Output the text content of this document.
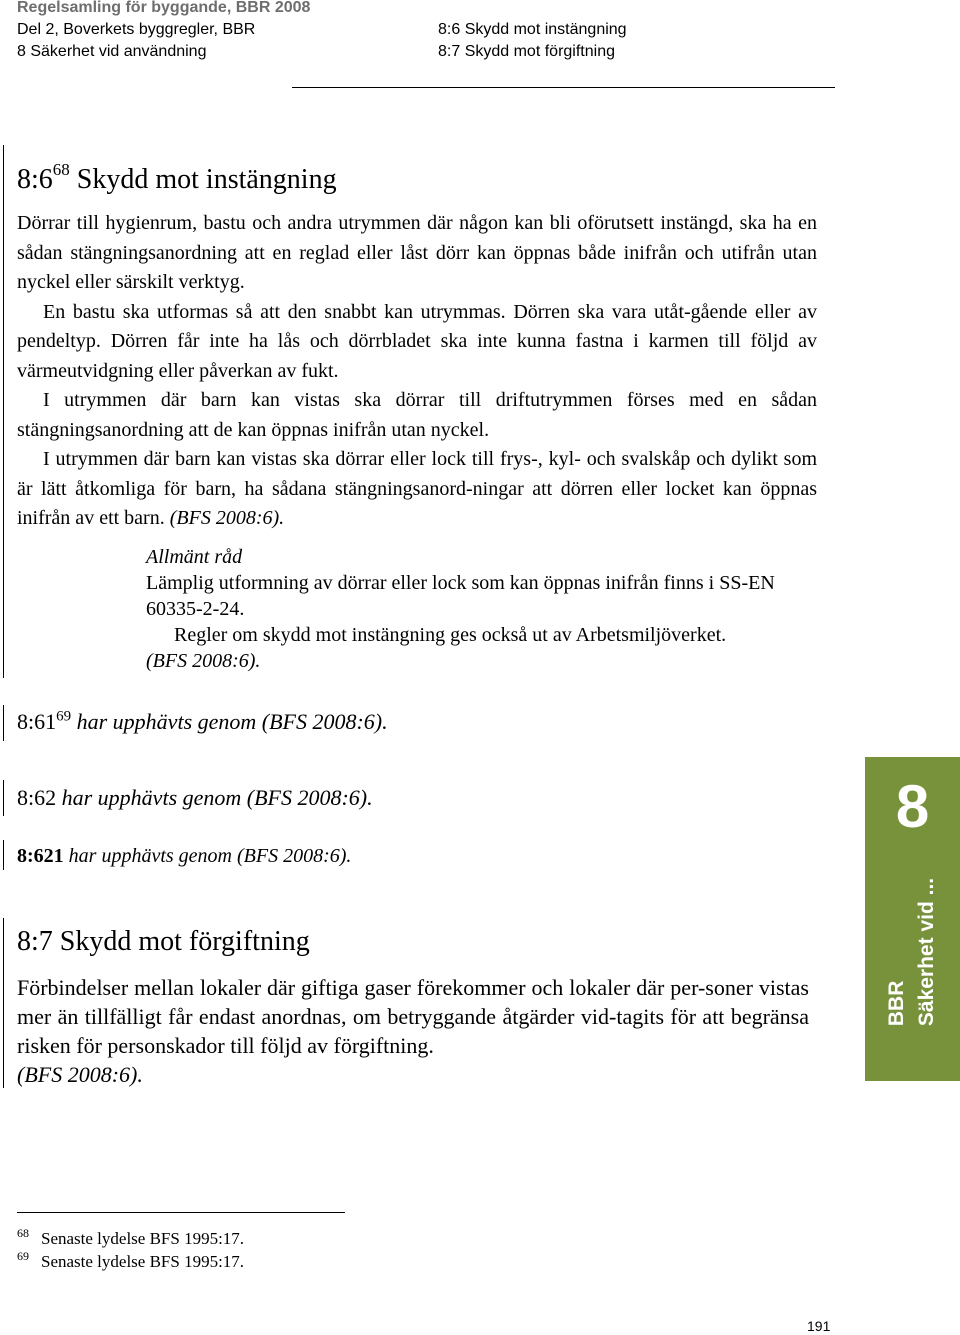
Regelsamling för byggande, BBR 2008
Del 2, Boverkets byggregler, BBR
8 Säkerhet vid användning
8:6 Skydd mot instängning
8:7 Skydd mot förgiftning
$8:6^{68}$ Skydd mot instängning

Dörrar till hygienrum, bastu och andra utrymmen där någon kan bli oförutsett instängd, ska ha en sådan stängningsanordning att en reglad eller låst dörr kan öppnas både inifrån och utifrån utan nyckel eller särskilt verktyg.

En bastu ska utformas så att den snabbt kan utrymmas. Dörren ska vara utåt-gående eller av pendeltyp. Dörren får inte ha lås och dörrbladet ska inte kunna fastna i karmen till följd av värmeutvidgning eller påverkan av fukt.

I utrymmen där barn kan vistas ska dörrar till driftutrymmen förses med en sådan stängningsanordning att de kan öppnas inifrån utan nyckel.

I utrymmen där barn kan vistas ska dörrar eller lock till frys-, kyl- och svalskåp och dylikt som är lätt åtkomliga för barn, ha sådana stängningsanord-ningar att dörren eller locket kan öppnas inifrån av ett barn. (BFS 2008:6).

Allmänt råd

Lämplig utformning av dörrar eller lock som kan öppnas inifrån finns i SS-EN 60335-2-24.

Regler om skydd mot instängning ges också ut av Arbetsmiljöverket.

(BFS 2008:6).

$8:61^{69}$ har upphävts genom (BFS 2008:6).
8:62 har upphävts genom (BFS 2008:6).
8:621 har upphävts genom (BFS 2008:6).
8:7 Skydd mot förgiftning

Förbindelser mellan lokaler där giftiga gaser förekommer och lokaler där per-soner vistas mer än tillfälligt får endast anordnas, om betryggande åtgärder vid-tagits för att begränsa risken för personskador till följd av förgiftning.

(BFS 2008:6).

8
BBR Säkerhet vid ...
68 Senaste lydelse BFS 1995:17.
69 Senaste lydelse BFS 1995:17.
191
